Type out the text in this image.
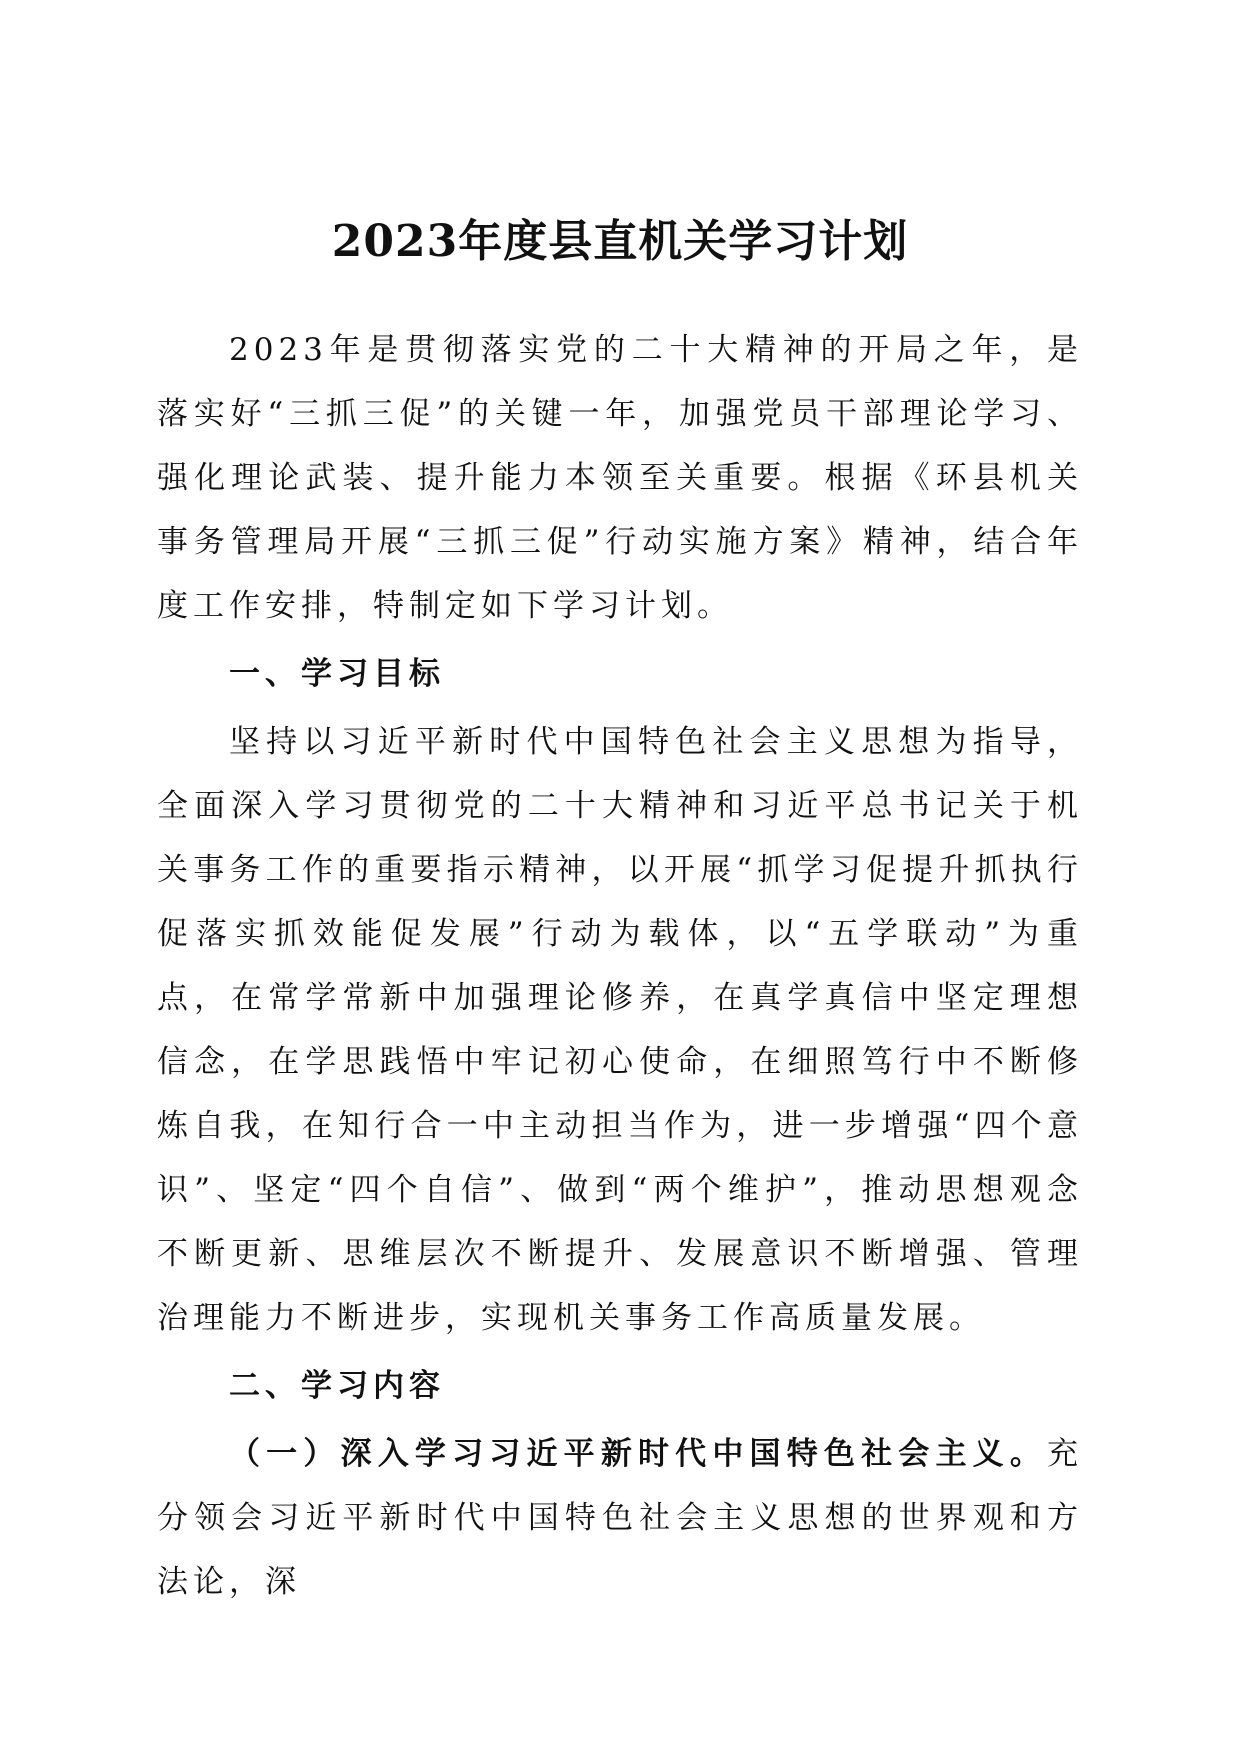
2023年度县直机关学习计划

2023年是贯彻落实党的二十大精神的开局之年，是落实好“三抓三促”的关键一年，加强党员干部理论学习、强化理论武装、提升能力本领至关重要。根据《环县机关事务管理局开展“三抓三促”行动实施方案》精神，结合年度工作安排，特制定如下学习计划。

一、学习目标

坚持以习近平新时代中国特色社会主义思想为指导，全面深入学习贯彻党的二十大精神和习近平总书记关于机关事务工作的重要指示精神，以开展“抓学习促提升抓执行促落实抓效能促发展”行动为载体，以“五学联动”为重点，在常学常新中加强理论修养，在真学真信中坚定理想信念，在学思践悟中牢记初心使命，在细照笃行中不断修炼自我，在知行合一中主动担当作为，进一步增强“四个意识”、坚定“四个自信”、做到“两个维护”，推动思想观念不断更新、思维层次不断提升、发展意识不断增强、管理治理能力不断进步，实现机关事务工作高质量发展。

二、学习内容

（一）深入学习习近平新时代中国特色社会主义。充分领会习近平新时代中国特色社会主义思想的世界观和方法论，深
